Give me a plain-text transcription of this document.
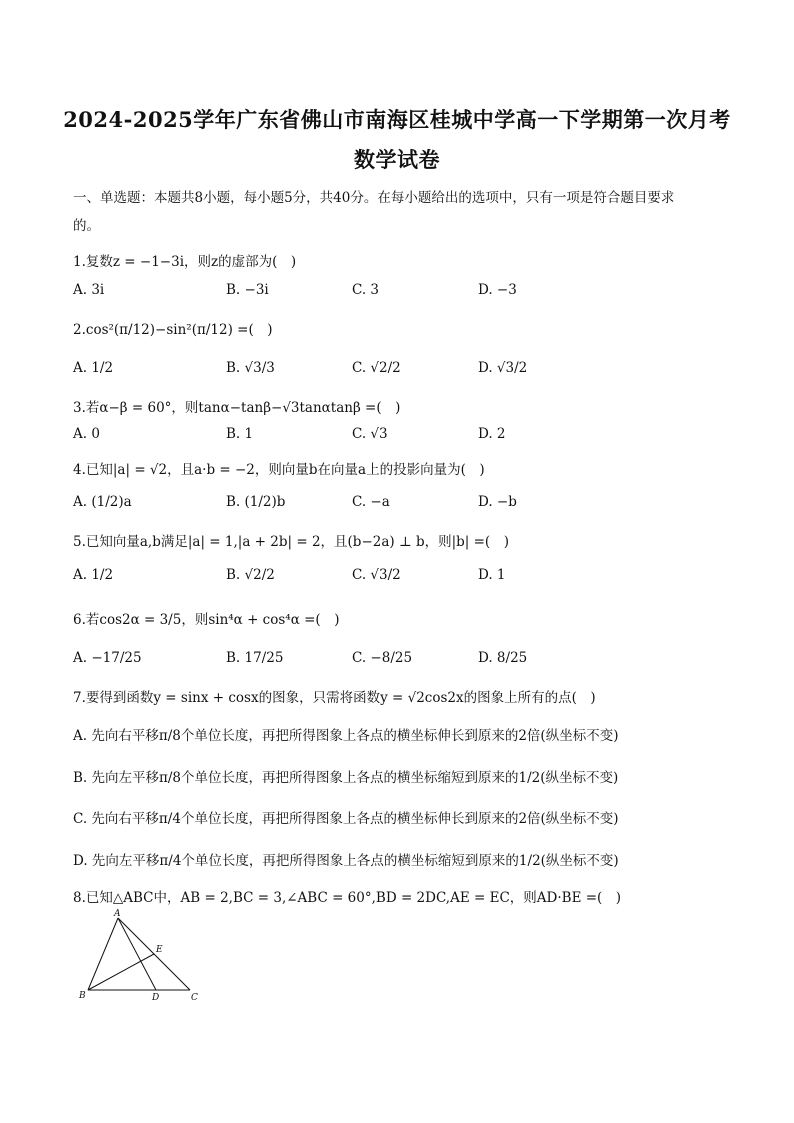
2024-2025学年广东省佛山市南海区桂城中学高一下学期第一次月考
数学试卷
一、单选题：本题共8小题，每小题5分，共40分。在每小题给出的选项中，只有一项是符合题目要求
的。
1.复数z = −1−3i，则z的虚部为(　)
A. 3i	B. −3i	C. 3	D. −3
2.cos²(π/12)−sin²(π/12) =(　)
A. 1/2	B. √3/3	C. √2/2	D. √3/2
3.若α−β = 60°，则tanα−tanβ−√3tanαtanβ =(　)
A. 0	B. 1	C. √3	D. 2
4.已知|a| = √2，且a·b = −2，则向量b在向量a上的投影向量为(　)
A. (1/2)a	B. (1/2)b	C. −a	D. −b
5.已知向量a,b满足|a| = 1,|a + 2b| = 2，且(b−2a) ⊥ b，则|b| =(　)
A. 1/2	B. √2/2	C. √3/2	D. 1
6.若cos2α = 3/5，则sin⁴α + cos⁴α =(　)
A. −17/25	B. 17/25	C. −8/25	D. 8/25
7.要得到函数y = sinx + cosx的图象，只需将函数y = √2cos2x的图象上所有的点(　)
A. 先向右平移π/8个单位长度，再把所得图象上各点的横坐标伸长到原来的2倍(纵坐标不变)
B. 先向左平移π/8个单位长度，再把所得图象上各点的横坐标缩短到原来的1/2(纵坐标不变)
C. 先向右平移π/4个单位长度，再把所得图象上各点的横坐标伸长到原来的2倍(纵坐标不变)
D. 先向左平移π/4个单位长度，再把所得图象上各点的横坐标缩短到原来的1/2(纵坐标不变)
8.已知△ABC中，AB = 2,BC = 3,∠ABC = 60°,BD = 2DC,AE = EC，则AD·BE =(　)
A
B	C
D
E
